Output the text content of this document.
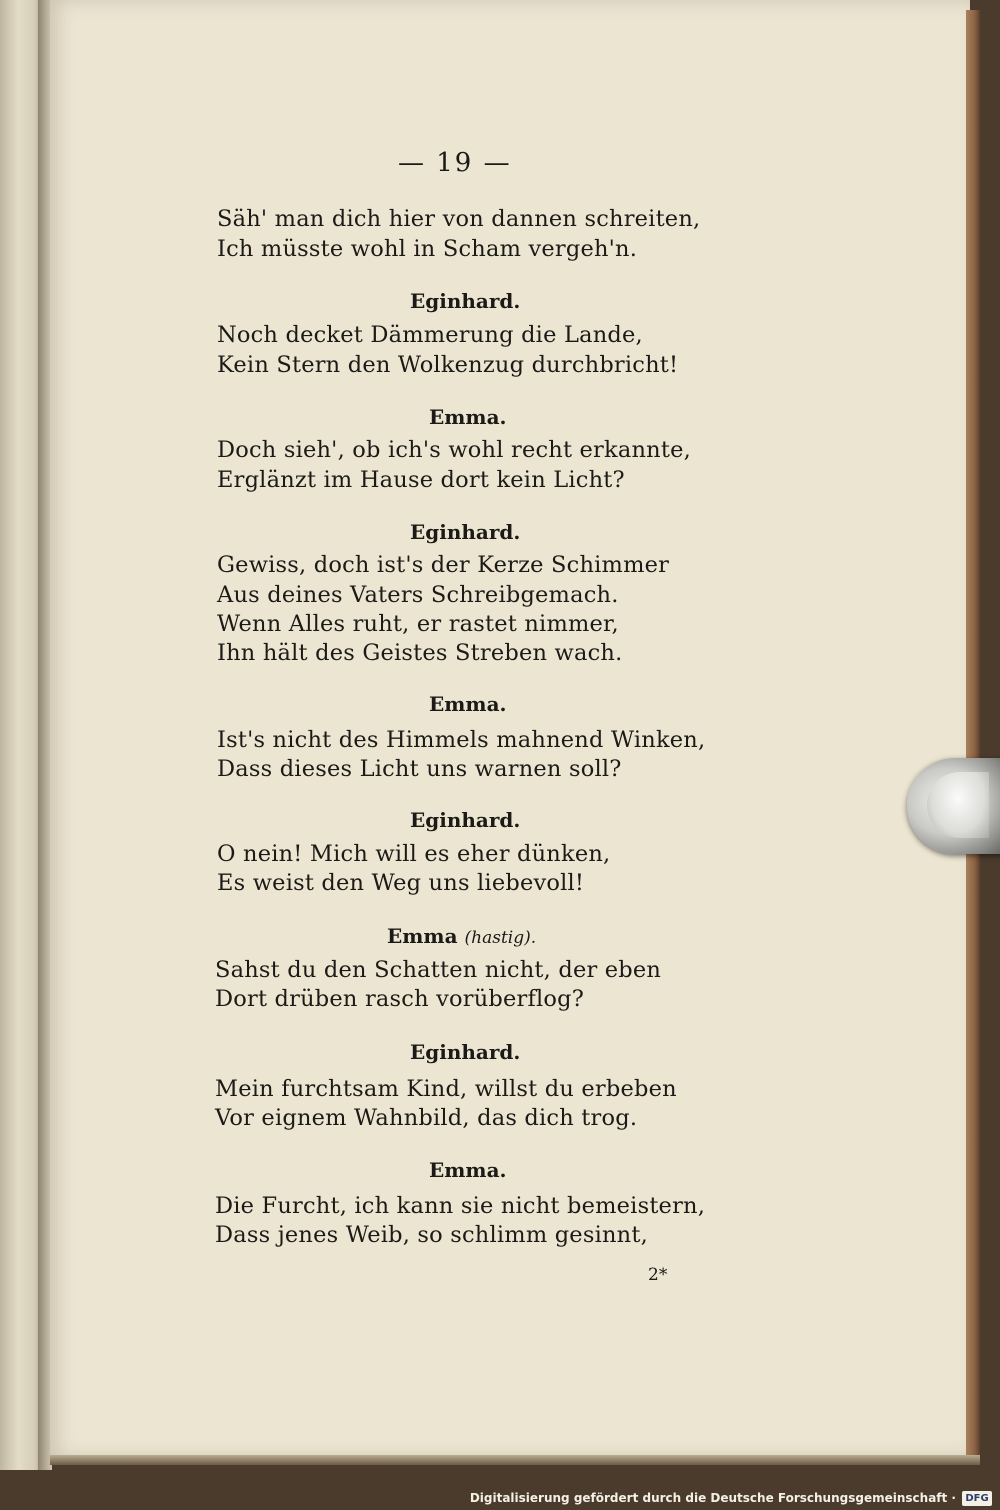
— 19 —
Säh' man dich hier von dannen schreiten,
Ich müsste wohl in Scham vergeh'n.
Eginhard.
Noch decket Dämmerung die Lande,
Kein Stern den Wolkenzug durchbricht!
Emma.
Doch sieh', ob ich's wohl recht erkannte,
Erglänzt im Hause dort kein Licht?
Eginhard.
Gewiss, doch ist's der Kerze Schimmer
Aus deines Vaters Schreibgemach.
Wenn Alles ruht, er rastet nimmer,
Ihn hält des Geistes Streben wach.
Emma.
Ist's nicht des Himmels mahnend Winken,
Dass dieses Licht uns warnen soll?
Eginhard.
O nein! Mich will es eher dünken,
Es weist den Weg uns liebevoll!
Emma (hastig).
Sahst du den Schatten nicht, der eben
Dort drüben rasch vorüberflog?
Eginhard.
Mein furchtsam Kind, willst du erbeben
Vor eignem Wahnbild, das dich trog.
Emma.
Die Furcht, ich kann sie nicht bemeistern,
Dass jenes Weib, so schlimm gesinnt,
2*
Digitalisierung gefördert durch die Deutsche Forschungsgemeinschaft · DFG
